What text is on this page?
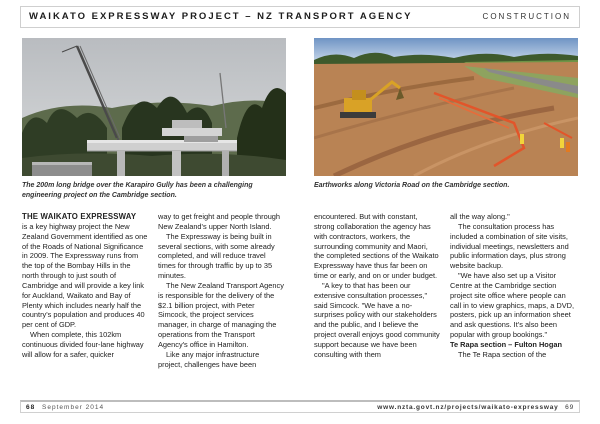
WAIKATO EXPRESSWAY PROJECT – NZ TRANSPORT AGENCY	CONSTRUCTION
The 200m long bridge over the Karapiro Gully has been a challenging engineering project on the Cambridge section.
Earthworks along Victoria Road on the Cambridge section.

THE WAIKATO EXPRESSWAY

is a key highway project the New Zealand Government identified as one of the Roads of National Significance in 2009. The Expressway runs from the top of the Bombay Hills in the north through to just south of Cambridge and will provide a key link for Auckland, Waikato and Bay of Plenty which includes nearly half the country's population and produces 40 per cent of GDP.

When complete, this 102km continuous divided four-lane highway will allow for a safer, quicker

way to get freight and people through New Zealand's upper North Island.

The Expressway is being built in several sections, with some already completed, and will reduce travel times for through traffic by up to 35 minutes.

The New Zealand Transport Agency is responsible for the delivery of the $2.1 billion project, with Peter Simcock, the project services manager, in charge of managing the operations from the Transport Agency's office in Hamilton.

Like any major infrastructure project, challenges have been

encountered. But with constant, strong collaboration the agency has with contractors, workers, the surrounding community and Maori, the completed sections of the Waikato Expressway have thus far been on time or early, and on or under budget.

"A key to that has been our extensive consultation processes," said Simcock. "We have a no-surprises policy with our stakeholders and the public, and I believe the project overall enjoys good community support because we have been consulting with them

all the way along."

The consultation process has included a combination of site visits, individual meetings, newsletters and public information days, plus strong website backup.

"We have also set up a Visitor Centre at the Cambridge section project site office where people can call in to view graphics, maps, a DVD, posters, pick up an information sheet and ask questions. It's also been popular with group bookings."

Te Rapa section – Fulton Hogan

The Te Rapa section of the

68 September 2014	www.nzta.govt.nz/projects/waikato-expressway 69
